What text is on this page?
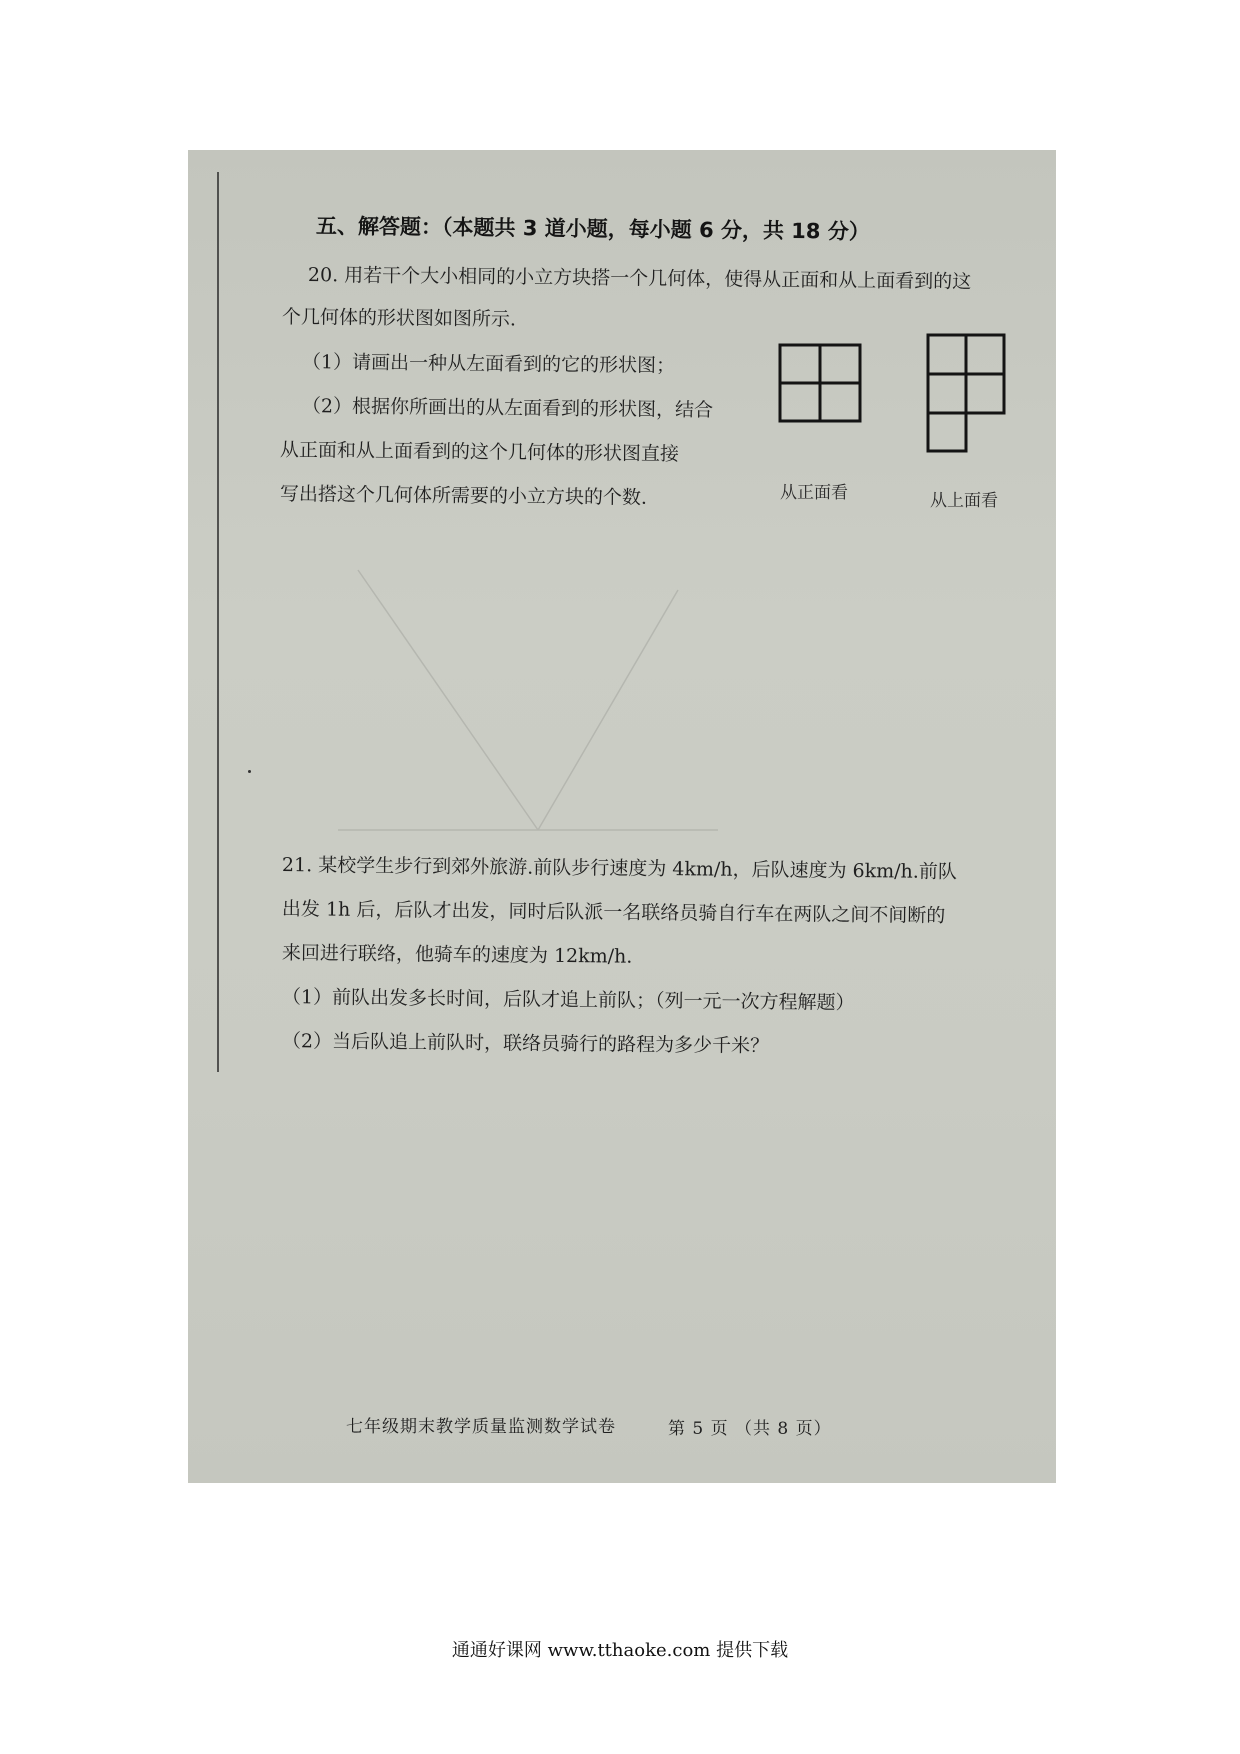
五、解答题：（本题共 3 道小题，每小题 6 分，共 18 分）
20. 用若干个大小相同的小立方块搭一个几何体，使得从正面和从上面看到的这
个几何体的形状图如图所示.
（1）请画出一种从左面看到的它的形状图；
（2）根据你所画出的从左面看到的形状图，结合
从正面和从上面看到的这个几何体的形状图直接
写出搭这个几何体所需要的小立方块的个数.	从正面看	从上面看
21. 某校学生步行到郊外旅游.前队步行速度为 4km/h，后队速度为 6km/h.前队
出发 1h 后，后队才出发，同时后队派一名联络员骑自行车在两队之间不间断的
来回进行联络，他骑车的速度为 12km/h.
（1）前队出发多长时间，后队才追上前队；（列一元一次方程解题）
（2）当后队追上前队时，联络员骑行的路程为多少千米？
七年级期末教学质量监测数学试卷	第 5 页 （共 8 页）
通通好课网 www.tthaoke.com 提供下载
